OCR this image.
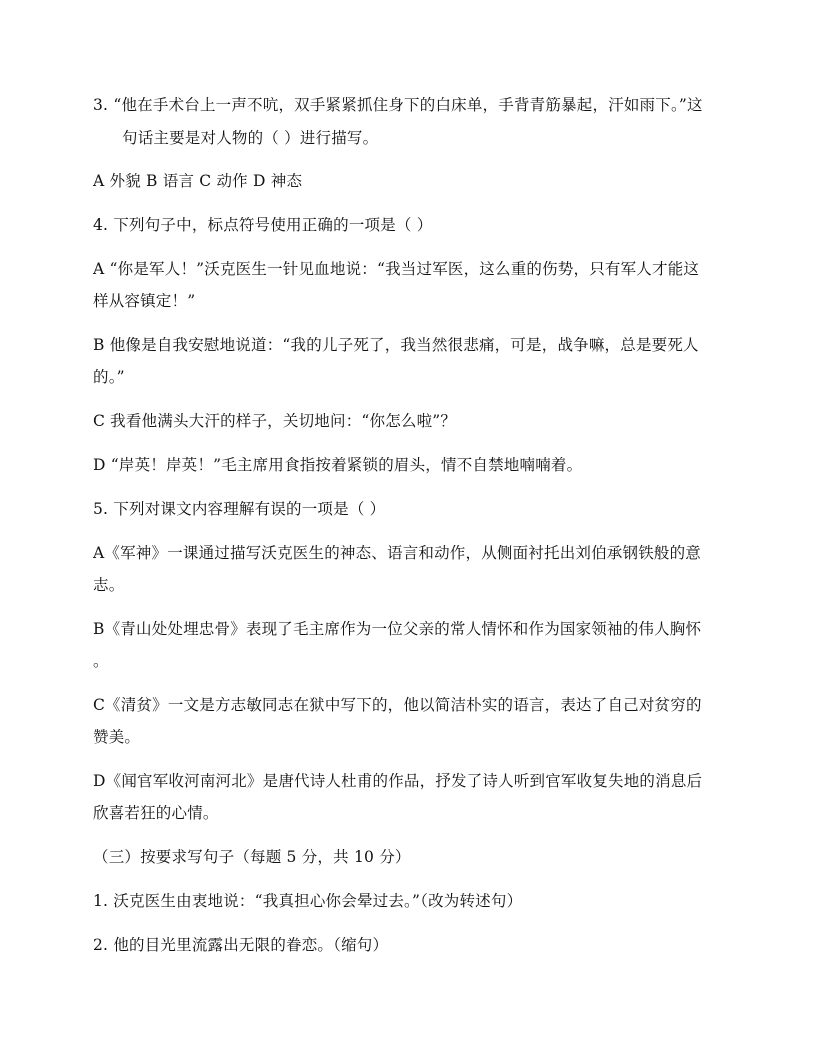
3. “他在手术台上一声不吭，双手紧紧抓住身下的白床单，手背青筋暴起，汗如雨下。”这
句话主要是对人物的（ ）进行描写。
A 外貌 B 语言 C 动作 D 神态
4. 下列句子中，标点符号使用正确的一项是（ ）
A “你是军人！”沃克医生一针见血地说：“我当过军医，这么重的伤势，只有军人才能这
样从容镇定！”
B 他像是自我安慰地说道：“我的儿子死了，我当然很悲痛，可是，战争嘛，总是要死人
的。”
C 我看他满头大汗的样子，关切地问：“你怎么啦”？
D “岸英！岸英！”毛主席用食指按着紧锁的眉头，情不自禁地喃喃着。
5. 下列对课文内容理解有误的一项是（ ）
A《军神》一课通过描写沃克医生的神态、语言和动作，从侧面衬托出刘伯承钢铁般的意
志。
B《青山处处埋忠骨》表现了毛主席作为一位父亲的常人情怀和作为国家领袖的伟人胸怀
。
C《清贫》一文是方志敏同志在狱中写下的，他以简洁朴实的语言，表达了自己对贫穷的
赞美。
D《闻官军收河南河北》是唐代诗人杜甫的作品，抒发了诗人听到官军收复失地的消息后
欣喜若狂的心情。
（三）按要求写句子（每题 5 分，共 10 分）
1. 沃克医生由衷地说：“我真担心你会晕过去。”（改为转述句）
2. 他的目光里流露出无限的眷恋。（缩句）
